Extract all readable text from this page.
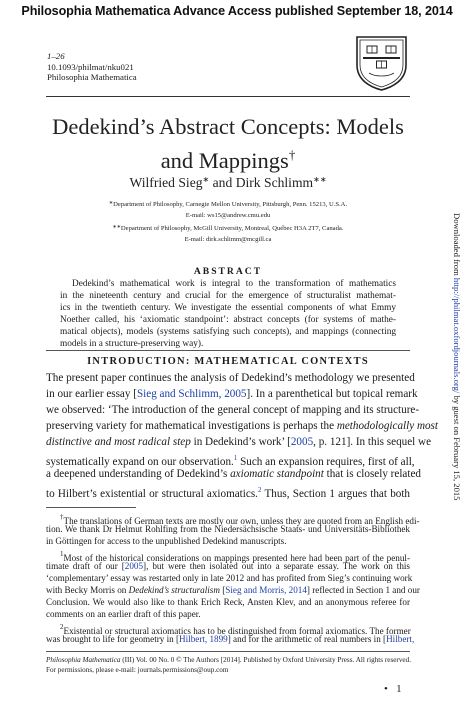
Philosophia Mathematica Advance Access published September 18, 2014
1–26
10.1093/philmat/nku021
Philosophia Mathematica
Dedekind’s Abstract Concepts: Models
and Mappings†
Wilfried Sieg∗ and Dirk Schlimm∗∗
∗Department of Philosophy, Carnegie Mellon University, Pittsburgh, Penn. 15213, U.S.A.
E-mail: ws15@andrew.cmu.edu
∗∗Department of Philosophy, McGill University, Montreal, Québec H3A 2T7, Canada.
E-mail: dirk.schlimm@mcgill.ca
ABSTRACT
Dedekind’s mathematical work is integral to the transformation of mathematics
in the nineteenth century and crucial for the emergence of structuralist mathemat-
ics in the twentieth century. We investigate the essential components of what Emmy
Noether called, his ‘axiomatic standpoint’: abstract concepts (for systems of mathe-
matical objects), models (systems satisfying such concepts), and mappings (connecting
models in a structure-preserving way).
INTRODUCTION: MATHEMATICAL CONTEXTS
The present paper continues the analysis of Dedekind’s methodology we presented
in our earlier essay [Sieg and Schlimm, 2005]. In a parenthetical but topical remark
we observed: ‘The introduction of the general concept of mapping and its structure-
preserving variety for mathematical investigations is perhaps the methodologically most
distinctive and most radical step in Dedekind’s work’ [2005, p. 121]. In this sequel we
systematically expand on our observation.$^1$ Such an expansion requires, first of all,
a deepened understanding of Dedekind’s axiomatic standpoint that is closely related
to Hilbert’s existential or structural axiomatics.$^2$ Thus, Section 1 argues that both
†The translations of German texts are mostly our own, unless they are quoted from an English edi-
tion. We thank Dr Helmut Rohlfing from the Niedersächsische Staats- und Universitäts-Bibliothek
in Göttingen for access to the unpublished Dedekind manuscripts.
$^1$Most of the historical considerations on mappings presented here had been part of the penul-
timate draft of our [2005], but were then isolated out into a separate essay. The work on this
‘complementary’ essay was restarted only in late 2012 and has profited from Sieg’s continuing work
with Becky Morris on Dedekind’s structuralism [Sieg and Morris, 2014] reflected in Section 1 and our
Conclusion. We would also like to thank Erich Reck, Ansten Klev, and an anonymous referee for
comments on an earlier draft of this paper.
$^2$Existential or structural axiomatics has to be distinguished from formal axiomatics. The former
was brought to life for geometry in [Hilbert, 1899] and for the arithmetic of real numbers in [Hilbert,
Philosophia Mathematica (III) Vol. 00 No. 0 © The Authors [2014]. Published by Oxford University Press. All rights reserved.
For permissions, please e-mail: journals.permissions@oup.com
• 1
Downloaded from http://philmat.oxfordjournals.org/ by guest on February 15, 2015
